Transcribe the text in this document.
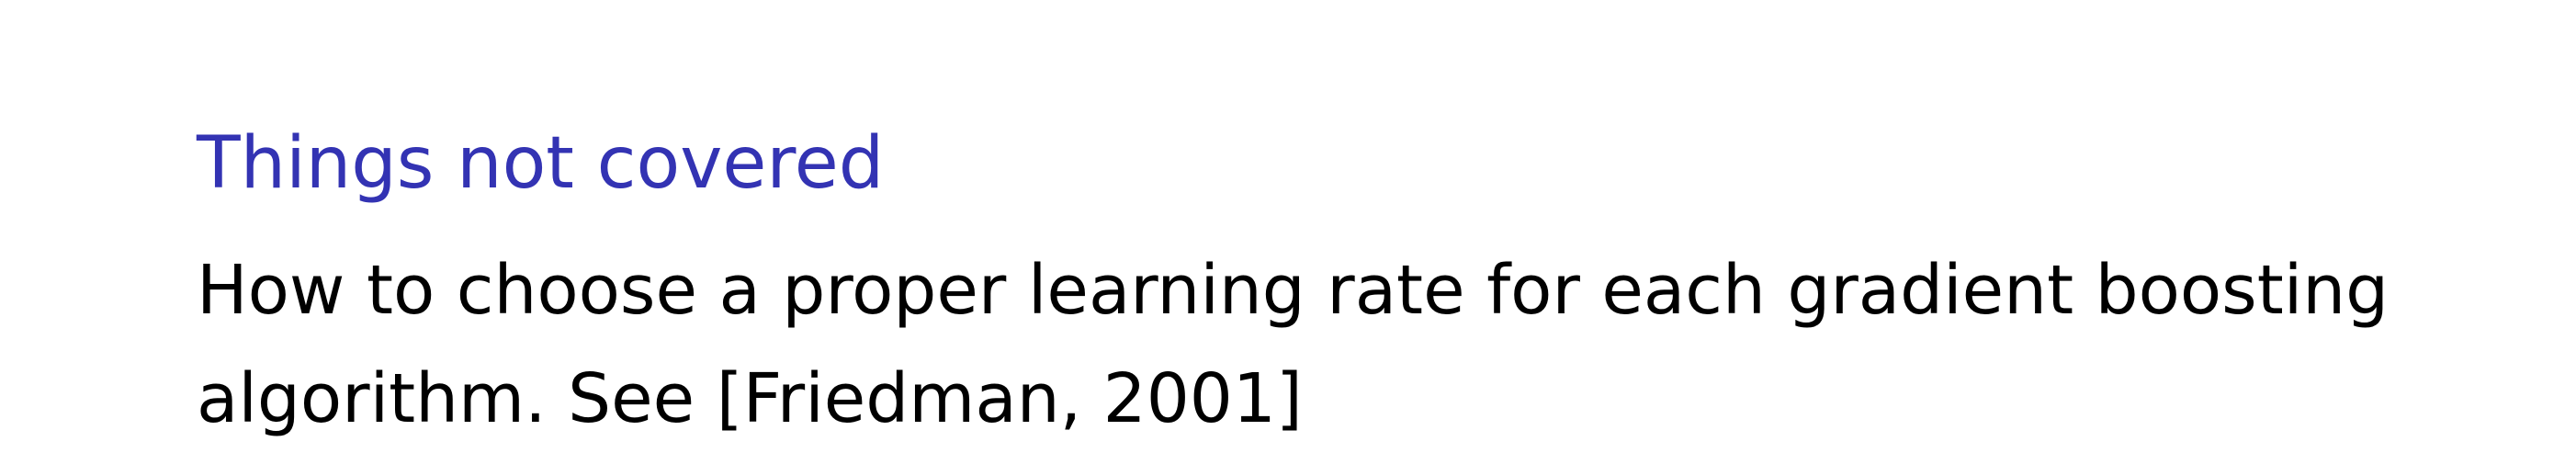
Things not covered

How to choose a proper learning rate for each gradient boosting
algorithm. See [Friedman, 2001]
